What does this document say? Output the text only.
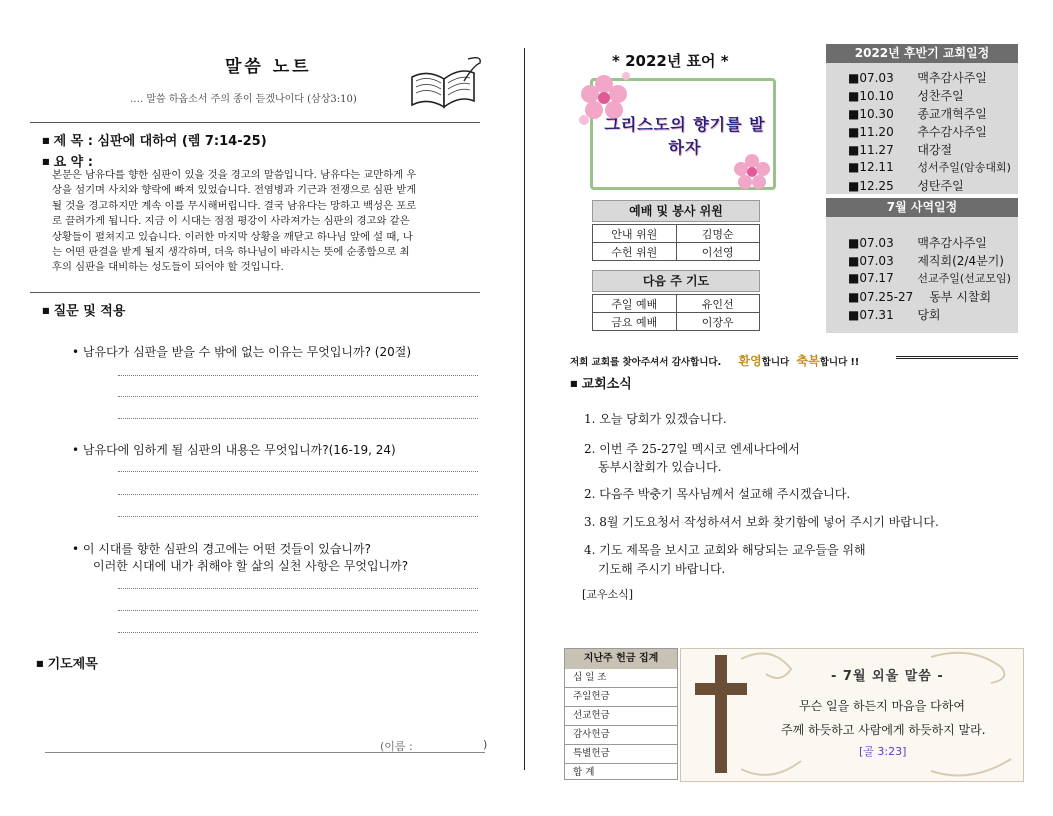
말씀 노트
…. 말씀 하옵소서 주의 종이 듣겠나이다 (삼상3:10)
■ 제 목 : 심판에 대하여 (렘 7:14-25)
■ 요 약 :
본문은 남유다를 향한 심판이 있을 것을 경고의 말씀입니다. 남유다는 교만하게 우
상을 섬기며 사치와 향락에 빠져 있었습니다. 전염병과 기근과 전쟁으로 심판 받게
될 것을 경고하지만 계속 이를 무시해버립니다. 결국 남유다는 망하고 백성은 포로
로 끌려가게 됩니다. 지금 이 시대는 점점 평강이 사라져가는 심판의 경고와 같은
상황들이 펼쳐지고 있습니다. 이러한 마지막 상황을 깨닫고 하나님 앞에 설 때, 나
는 어떤 판결을 받게 될지 생각하며, 더욱 하나님이 바라시는 뜻에 순종함으로 최
후의 심판을 대비하는 성도들이 되어야 할 것입니다.
■ 질문 및 적용
• 남유다가 심판을 받을 수 밖에 없는 이유는 무엇입니까? (20절)
• 남유다에 임하게 될 심판의 내용은 무엇입니까?(16-19, 24)
• 이 시대를 향한 심판의 경고에는 어떤 것들이 있습니까?
이러한 시대에 내가 취해야 할 삶의 실천 사항은 무엇입니까?
■ 기도제목
(이름 :	)
* 2022년 표어 *
그리스도의 향기를 발하자
예배 및 봉사 위원
안내 위원	김명순
수헌 위원	이선영
다음 주 기도
주일 예배	유인선
금요 예배	이장우
저희 교회를 찾아주셔서 감사합니다. 환영합니다 축복합니다 !!
■ 교회소식
1. 오늘 당회가 있겠습니다.
2. 이번 주 25-27일 멕시코 엔세나다에서
동부시찰회가 있습니다.
2. 다음주 박충기 목사님께서 설교해 주시겠습니다.
3. 8월 기도요청서 작성하셔서 보화 찾기함에 넣어 주시기 바랍니다.
4. 기도 제목을 보시고 교회와 해당되는 교우들을 위해
기도해 주시기 바랍니다.
[교우소식]
지난주 헌금 집계
십 일 조
주일헌금
선교헌금
감사헌금
특별헌금
합 계
2022년 후반기 교회일정
■07.03 맥추감사주일
■10.10 성찬주일
■10.30 종교개혁주일
■11.20 추수감사주일
■11.27 대강절
■12.11 성서주일(암송대회)
■12.25 성탄주일
7월 사역일정
■07.03 맥추감사주일
■07.03 제직회(2/4분기)
■07.17 선교주일(선교모임)
■07.25-27 동부 시찰회
■07.31 당회
- 7월 외울 말씀 -
무슨 일을 하든지 마음을 다하여
주께 하듯하고 사람에게 하듯하지 말라.
[골 3:23]
